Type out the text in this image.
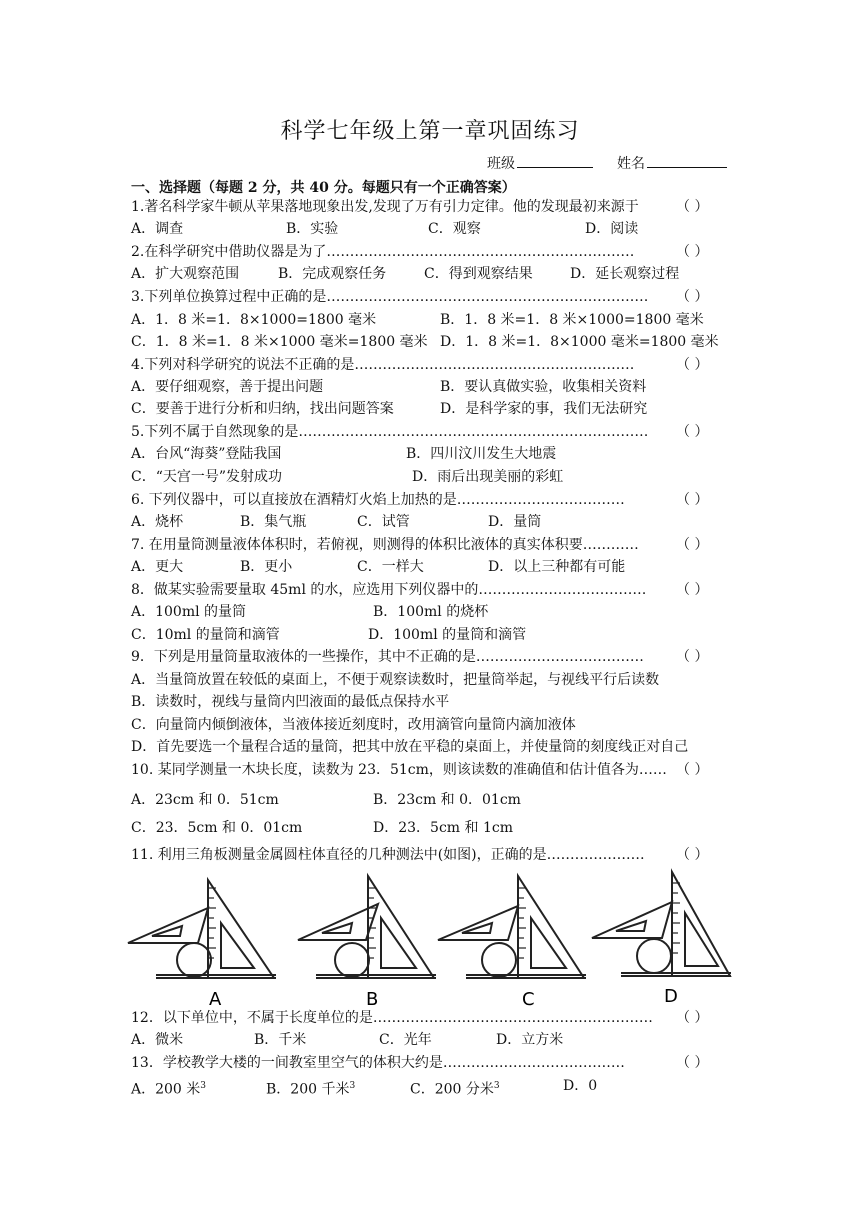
科学七年级上第一章巩固练习
班级	姓名
一、选择题（每题 2 分，共 40 分。每题只有一个正确答案）
1.著名科学家牛顿从苹果落地现象出发,发现了万有引力定律。他的发现最初来源于	（ ）
A．调查	B．实验	C．观察	D．阅读
2.在科学研究中借助仪器是为了…………………………………………………………	（ ）
A．扩大观察范围	B．完成观察任务	C．得到观察结果	D．延长观察过程
3.下列单位换算过程中正确的是……………………………………………………………	（ ）
A．1．8 米=1．8×1000=1800 毫米	B．1．8 米=1．8 米×1000=1800 毫米
C．1．8 米=1．8 米×1000 毫米=1800 毫米 D．1．8 米=1．8×1000 毫米=1800 毫米
4.下列对科学研究的说法不正确的是……………………………………………………	（ ）
A．要仔细观察，善于提出问题	B．要认真做实验，收集相关资料
C．要善于进行分析和归纳，找出问题答案	D．是科学家的事，我们无法研究
5.下列不属于自然现象的是…………………………………………………………………	（ ）
A．台风“海葵”登陆我国	B．四川汶川发生大地震
C．“天宫一号”发射成功	D．雨后出现美丽的彩虹
6. 下列仪器中，可以直接放在酒精灯火焰上加热的是………………………………	（ ）
A．烧杯	B．集气瓶	C．试管	D．量筒
7. 在用量筒测量液体体积时，若俯视，则测得的体积比液体的真实体积要…………	（ ）
A．更大	B．更小	C．一样大	D．以上三种都有可能
8．做某实验需要量取 45ml 的水，应选用下列仪器中的………………………………	（ ）
A．100ml 的量筒	B．100ml 的烧杯
C．10ml 的量筒和滴管	D．100ml 的量筒和滴管
9．下列是用量筒量取液体的一些操作，其中不正确的是………………………………	（ ）
A．当量筒放置在较低的桌面上，不便于观察读数时，把量筒举起，与视线平行后读数
B．读数时，视线与量筒内凹液面的最低点保持水平
C．向量筒内倾倒液体，当液体接近刻度时，改用滴管向量筒内滴加液体
D．首先要选一个量程合适的量筒，把其中放在平稳的桌面上，并使量筒的刻度线正对自己
10. 某同学测量一木块长度，读数为 23．51cm，则该读数的准确值和估计值各为…… （ ）
A．23cm 和 0．51cm	B．23cm 和 0．01cm
C．23．5cm 和 0．01cm	D．23．5cm 和 1cm
11. 利用三角板测量金属圆柱体直径的几种测法中(如图)，正确的是…………………	（ ）
A	B	C	D
12．以下单位中，不属于长度单位的是……………………………………………………	（ ）
A．微米	B．千米	C．光年	D．立方米
13．学校教学大楼的一间教室里空气的体积大约是…………………………………	（ ）
A．200 米$^3$	B．200 千米$^3$	C．200 分米$^3$	D．0
